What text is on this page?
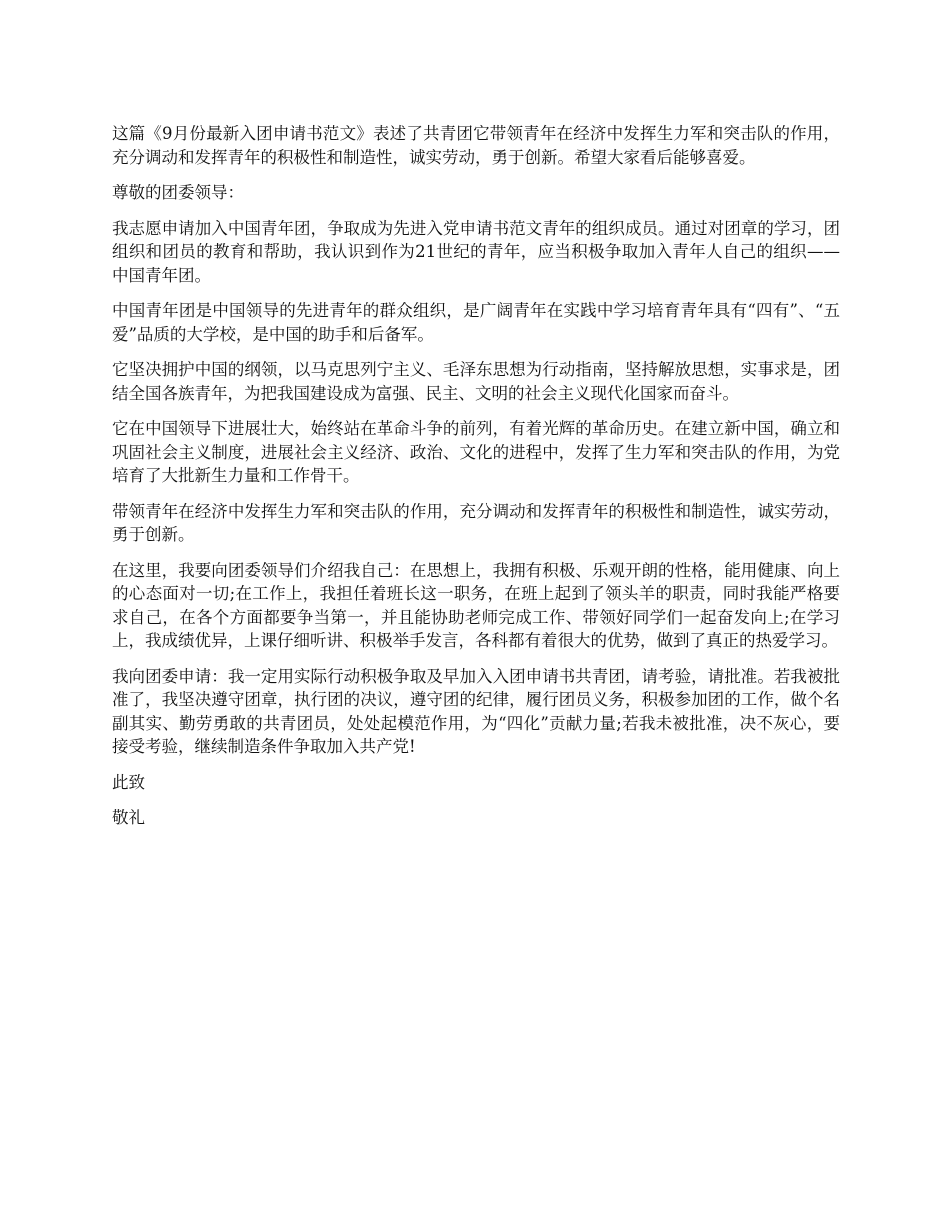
这篇《9月份最新入团申请书范文》表述了共青团它带领青年在经济中发挥生力军和突击队的作用，充分调动和发挥青年的积极性和制造性，诚实劳动，勇于创新。希望大家看后能够喜爱。

尊敬的团委领导：

我志愿申请加入中国青年团，争取成为先进入党申请书范文青年的组织成员。通过对团章的学习，团组织和团员的教育和帮助，我认识到作为21世纪的青年，应当积极争取加入青年人自己的组织——中国青年团。

中国青年团是中国领导的先进青年的群众组织，是广阔青年在实践中学习培育青年具有“四有”、“五爱”品质的大学校，是中国的助手和后备军。

它坚决拥护中国的纲领，以马克思列宁主义、毛泽东思想为行动指南，坚持解放思想，实事求是，团结全国各族青年，为把我国建设成为富强、民主、文明的社会主义现代化国家而奋斗。

它在中国领导下进展壮大，始终站在革命斗争的前列，有着光辉的革命历史。在建立新中国，确立和巩固社会主义制度，进展社会主义经济、政治、文化的进程中，发挥了生力军和突击队的作用，为党培育了大批新生力量和工作骨干。

带领青年在经济中发挥生力军和突击队的作用，充分调动和发挥青年的积极性和制造性，诚实劳动，勇于创新。

在这里，我要向团委领导们介绍我自己：在思想上，我拥有积极、乐观开朗的性格，能用健康、向上的心态面对一切;在工作上，我担任着班长这一职务，在班上起到了领头羊的职责，同时我能严格要求自己，在各个方面都要争当第一，并且能协助老师完成工作、带领好同学们一起奋发向上;在学习上，我成绩优异，上课仔细听讲、积极举手发言，各科都有着很大的优势，做到了真正的热爱学习。

我向团委申请：我一定用实际行动积极争取及早加入入团申请书共青团，请考验，请批准。若我被批准了，我坚决遵守团章，执行团的决议，遵守团的纪律，履行团员义务，积极参加团的工作，做个名副其实、勤劳勇敢的共青团员，处处起模范作用，为“四化”贡献力量;若我未被批准，决不灰心，要接受考验，继续制造条件争取加入共产党!

此致

敬礼
